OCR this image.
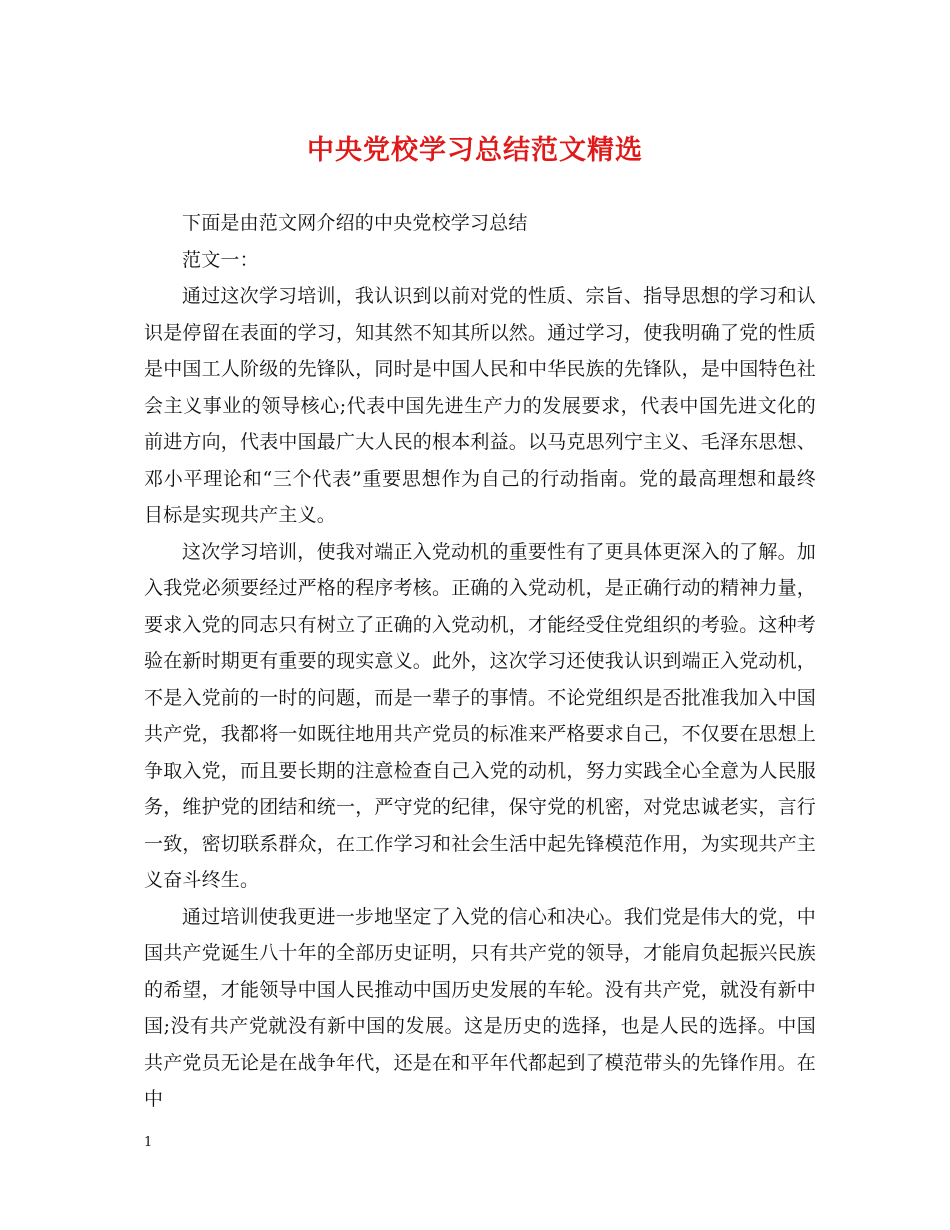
中央党校学习总结范文精选

下面是由范文网介绍的中央党校学习总结

范文一：

通过这次学习培训，我认识到以前对党的性质、宗旨、指导思想的学习和认识是停留在表面的学习，知其然不知其所以然。通过学习，使我明确了党的性质是中国工人阶级的先锋队，同时是中国人民和中华民族的先锋队，是中国特色社会主义事业的领导核心;代表中国先进生产力的发展要求，代表中国先进文化的前进方向，代表中国最广大人民的根本利益。以马克思列宁主义、毛泽东思想、邓小平理论和“三个代表”重要思想作为自己的行动指南。党的最高理想和最终目标是实现共产主义。

这次学习培训，使我对端正入党动机的重要性有了更具体更深入的了解。加入我党必须要经过严格的程序考核。正确的入党动机，是正确行动的精神力量，要求入党的同志只有树立了正确的入党动机，才能经受住党组织的考验。这种考验在新时期更有重要的现实意义。此外，这次学习还使我认识到端正入党动机，不是入党前的一时的问题，而是一辈子的事情。不论党组织是否批准我加入中国共产党，我都将一如既往地用共产党员的标准来严格要求自己，不仅要在思想上争取入党，而且要长期的注意检查自己入党的动机，努力实践全心全意为人民服务，维护党的团结和统一，严守党的纪律，保守党的机密，对党忠诚老实，言行一致，密切联系群众，在工作学习和社会生活中起先锋模范作用，为实现共产主义奋斗终生。

通过培训使我更进一步地坚定了入党的信心和决心。我们党是伟大的党，中国共产党诞生八十年的全部历史证明，只有共产党的领导，才能肩负起振兴民族的希望，才能领导中国人民推动中国历史发展的车轮。没有共产党，就没有新中国;没有共产党就没有新中国的发展。这是历史的选择，也是人民的选择。中国共产党员无论是在战争年代，还是在和平年代都起到了模范带头的先锋作用。在中

1
